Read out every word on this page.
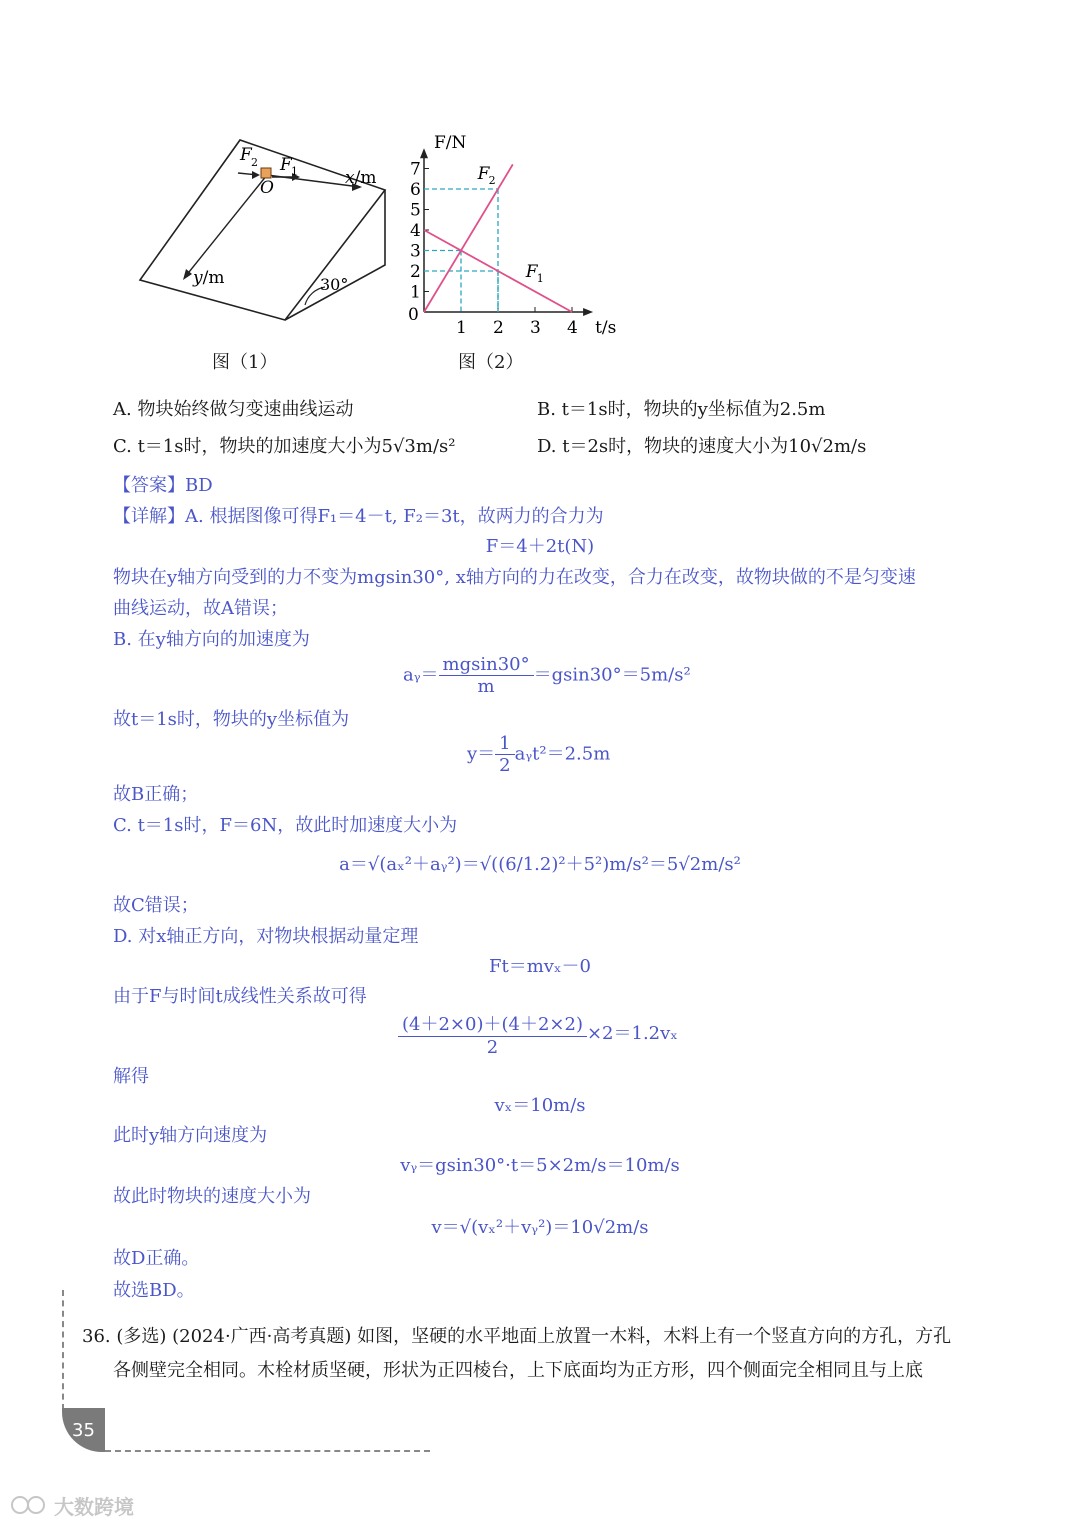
F 2 F 1
O	x/m
y/m	30°
图（1）
1
2
3
4
5
6
7
1 2 3 4
0
F/N
t/s
F 2
F 1
图（2）
A. 物块始终做匀变速曲线运动	B. t＝1s时，物块的y坐标值为2.5m
C. t＝1s时，物块的加速度大小为5√3m/s²	D. t＝2s时，物块的速度大小为10√2m/s
【答案】BD
【详解】A. 根据图像可得F₁＝4－t, F₂＝3t，故两力的合力为
F＝4＋2t(N)
物块在y轴方向受到的力不变为mgsin30°, x轴方向的力在改变，合力在改变，故物块做的不是匀变速
曲线运动，故A错误；
B. 在y轴方向的加速度为
aᵧ＝ $\frac{mgsin30^\circ}{m} =gsin30^\circ=5m/s^2$
故t＝1s时，物块的y坐标值为
$y= \frac{1}{2}$ aᵧt²＝2.5m
故B正确；
C. t＝1s时，F＝6N，故此时加速度大小为
a＝√(aₓ²＋aᵧ²)＝√((6/1.2)²＋5²)m/s²＝5√2m/s²
故C错误；
D. 对x轴正方向，对物块根据动量定理
Ft＝mvₓ－0
由于F与时间t成线性关系故可得
$\frac{(4+2\times 0)+(4+2\times 2)}{2} \times 2=1.2v_x$
解得
vₓ＝10m/s
此时y轴方向速度为
vᵧ＝gsin30°·t＝5×2m/s＝10m/s
故此时物块的速度大小为
v＝√(vₓ²＋vᵧ²)＝10√2m/s
故D正确。
故选BD。
36. (多选) (2024·广西·高考真题) 如图，坚硬的水平地面上放置一木料，木料上有一个竖直方向的方孔，方孔
各侧壁完全相同。木栓材质坚硬，形状为正四棱台，上下底面均为正方形，四个侧面完全相同且与上底
35
大数跨境
